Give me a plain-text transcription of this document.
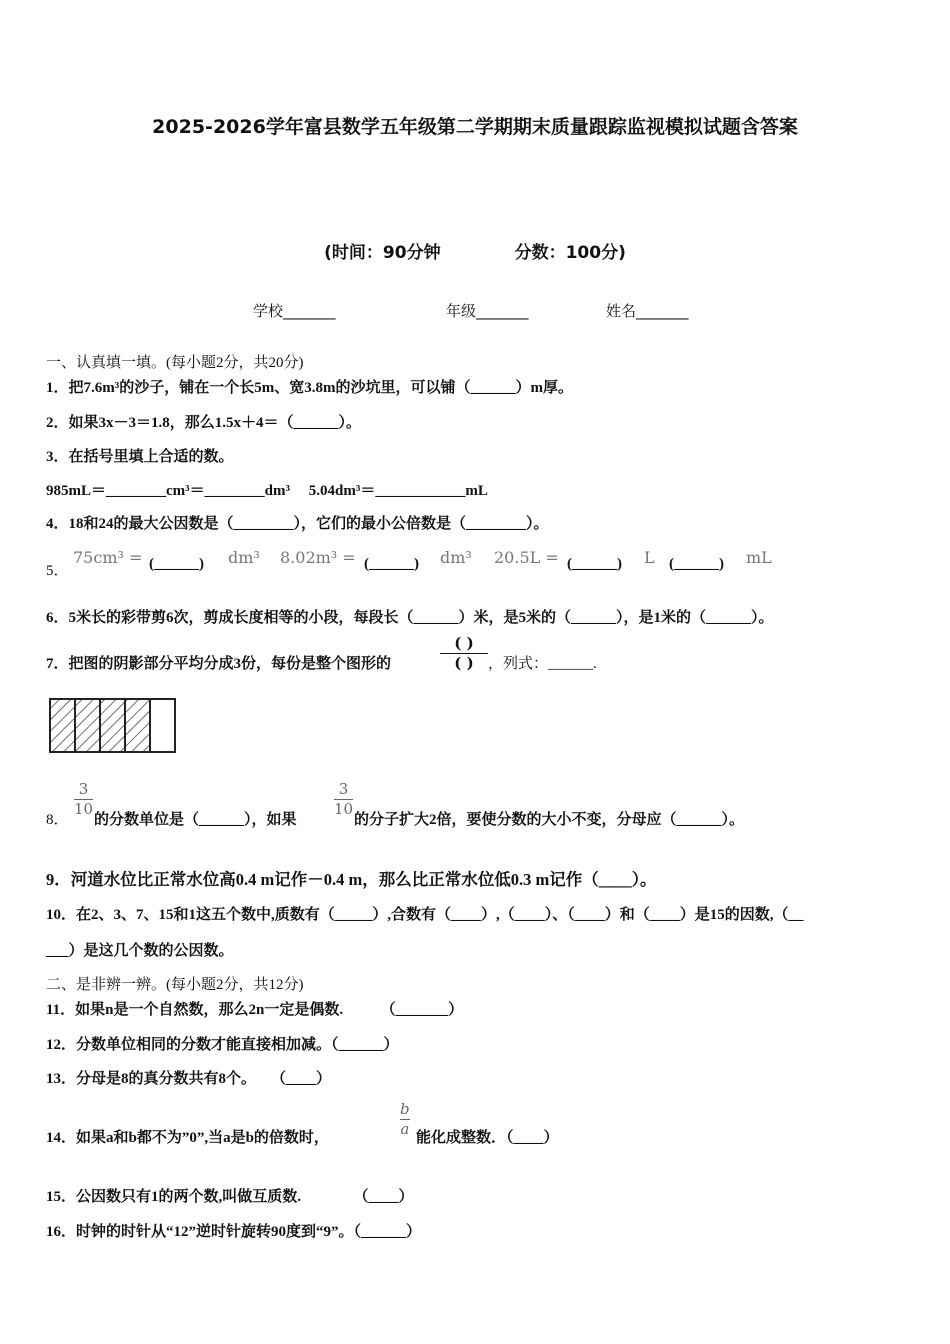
2025-2026学年富县数学五年级第二学期期末质量跟踪监视模拟试题含答案
(时间：90分钟	分数：100分)
学校_______	年级_______	姓名_______
一、认真填一填。(每小题2分，共20分)
1．把7.6m³的沙子，铺在一个长5m、宽3.8m的沙坑里，可以铺（______）m厚。
2．如果3x－3＝1.8，那么1.5x＋4＝（______）。
3．在括号里填上合适的数。
985mL＝________cm³＝________dm³　 5.04dm³＝____________mL
4．18和24的最大公因数是（________），它们的最小公倍数是（________）。
5．
75cm³ = (______) dm³ 8.02m³ = (______) dm³ 20.5L = (______) L (______) mL
6．5米长的彩带剪6次，剪成长度相等的小段，每段长（______）米，是5米的（______），是1米的（______）。
7．把图的阴影部分平均分成3份，每份是整个图形的
( )
( ) ，列式：______.
8．
$\frac{3}{10}$
的分数单位是（______），如果
$\frac{3}{10}$
的分子扩大2倍，要使分数的大小不变，分母应（______）。
9．河道水位比正常水位高0.4 m记作－0.4 m，那么比正常水位低0.3 m记作（____）。
10．在2、3、7、15和1这五个数中,质数有（_____）,合数有（____）,（____）、（____）和（____）是15的因数,（__
___）是这几个数的公因数。
二、是非辨一辨。(每小题2分，共12分)
11．如果n是一个自然数，那么2n一定是偶数.　　　（_______）
12．分数单位相同的分数才能直接相加减。（______）
13．分母是8的真分数共有8个。　　（____）
14．如果a和b都不为”0”,当a是b的倍数时，
$\frac{b}{a}$
能化成整数．（____）
15．公因数只有1的两个数,叫做互质数.　　　　（____）
16．时钟的时针从“12”逆时针旋转90度到“9”。（______）
